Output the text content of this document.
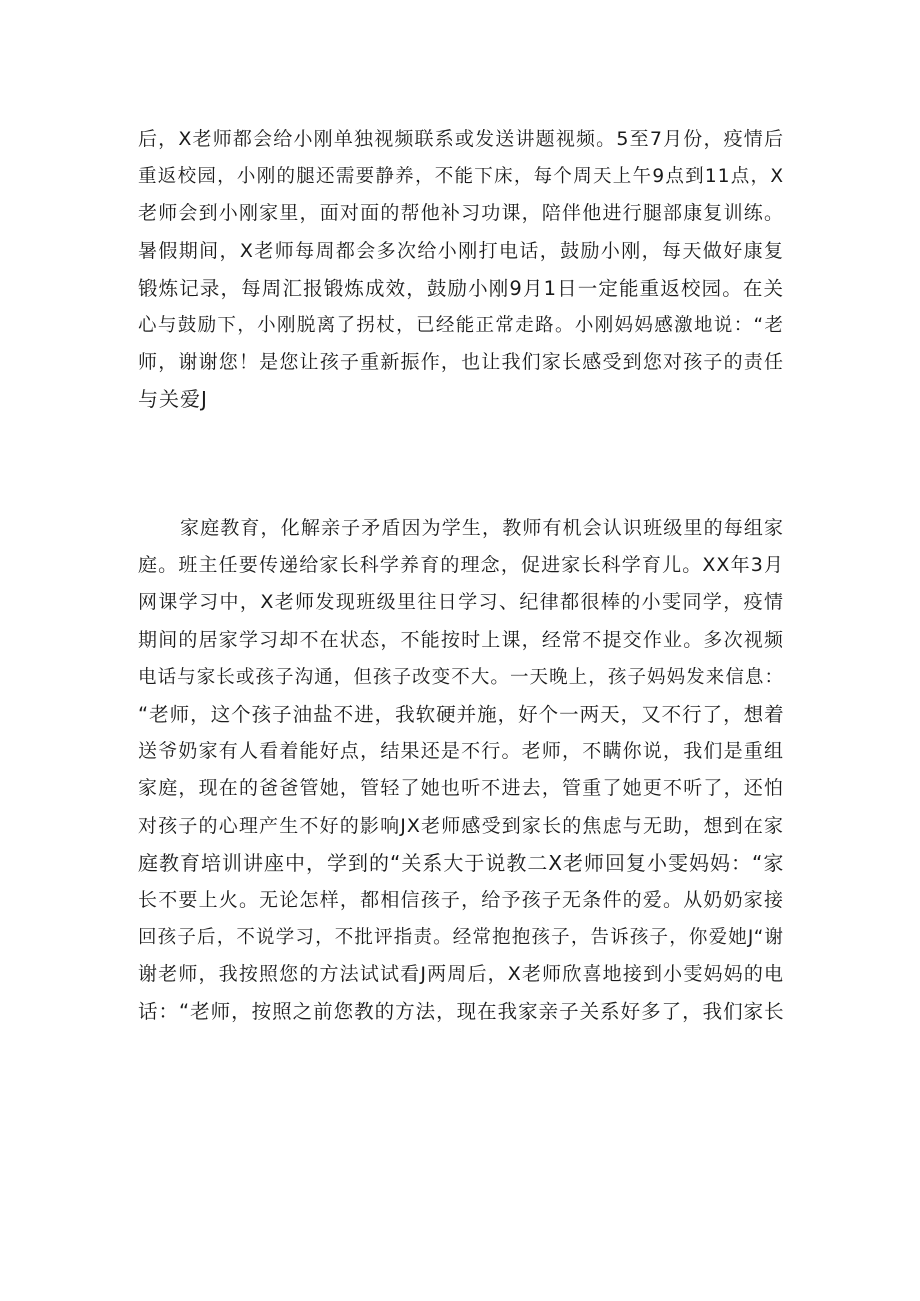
后，X老师都会给小刚单独视频联系或发送讲题视频。5至7月份，疫情后
重返校园，小刚的腿还需要静养，不能下床，每个周天上午9点到11点，X
老师会到小刚家里，面对面的帮他补习功课，陪伴他进行腿部康复训练。
暑假期间，X老师每周都会多次给小刚打电话，鼓励小刚，每天做好康复
锻炼记录，每周汇报锻炼成效，鼓励小刚9月1日一定能重返校园。在关
心与鼓励下，小刚脱离了拐杖，已经能正常走路。小刚妈妈感激地说：“老
师，谢谢您！是您让孩子重新振作，也让我们家长感受到您对孩子的责任
与关爱J
家庭教育，化解亲子矛盾因为学生，教师有机会认识班级里的每组家
庭。班主任要传递给家长科学养育的理念，促进家长科学育儿。XX年3月
网课学习中，X老师发现班级里往日学习、纪律都很棒的小雯同学，疫情
期间的居家学习却不在状态，不能按时上课，经常不提交作业。多次视频
电话与家长或孩子沟通，但孩子改变不大。一天晚上，孩子妈妈发来信息：
“老师，这个孩子油盐不进，我软硬并施，好个一两天，又不行了，想着
送爷奶家有人看着能好点，结果还是不行。老师，不瞒你说，我们是重组
家庭，现在的爸爸管她，管轻了她也听不进去，管重了她更不听了，还怕
对孩子的心理产生不好的影响JX老师感受到家长的焦虑与无助，想到在家
庭教育培训讲座中，学到的“关系大于说教二X老师回复小雯妈妈：“家
长不要上火。无论怎样，都相信孩子，给予孩子无条件的爱。从奶奶家接
回孩子后，不说学习，不批评指责。经常抱抱孩子，告诉孩子，你爱她J“谢
谢老师，我按照您的方法试试看J两周后，X老师欣喜地接到小雯妈妈的电
话：“老师，按照之前您教的方法，现在我家亲子关系好多了，我们家长
